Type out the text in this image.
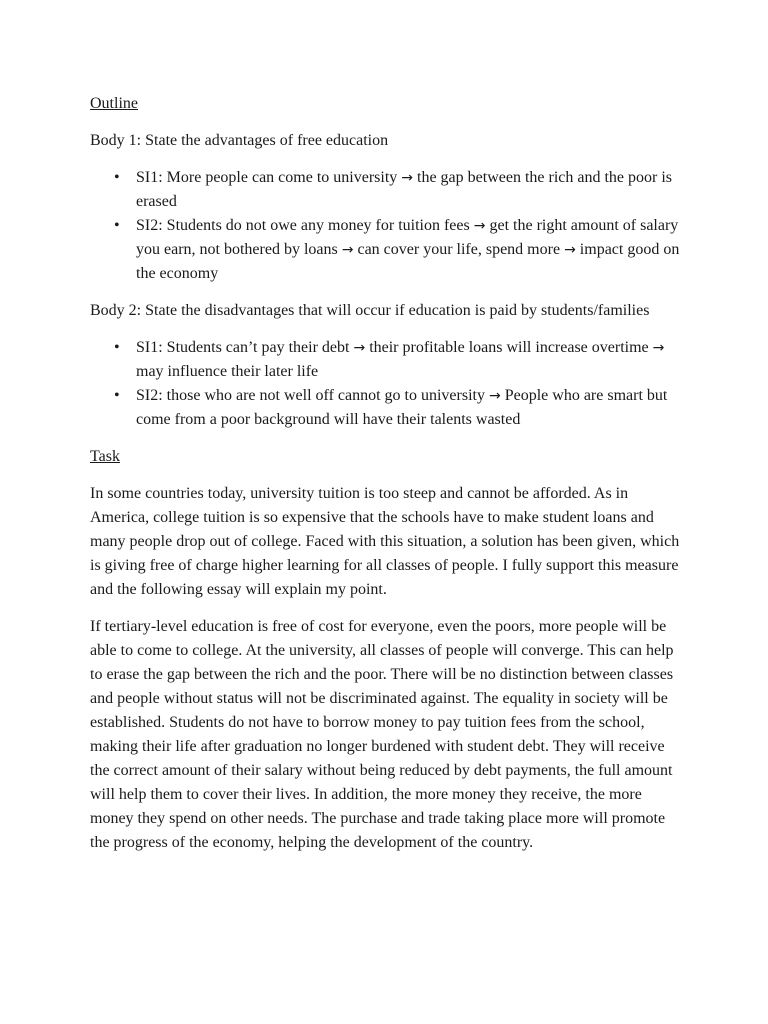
Outline
Body 1: State the advantages of free education
• SI1: More people can come to university → the gap between the rich and the poor is erased
• SI2: Students do not owe any money for tuition fees → get the right amount of salary you earn, not bothered by loans → can cover your life, spend more → impact good on the economy
Body 2: State the disadvantages that will occur if education is paid by students/families
• SI1: Students can’t pay their debt → their profitable loans will increase overtime → may influence their later life
• SI2: those who are not well off cannot go to university → People who are smart but come from a poor background will have their talents wasted
Task

In some countries today, university tuition is too steep and cannot be afforded. As in America, college tuition is so expensive that the schools have to make student loans and many people drop out of college. Faced with this situation, a solution has been given, which is giving free of charge higher learning for all classes of people. I fully support this measure and the following essay will explain my point.

If tertiary-level education is free of cost for everyone, even the poors, more people will be able to come to college. At the university, all classes of people will converge. This can help to erase the gap between the rich and the poor. There will be no distinction between classes and people without status will not be discriminated against. The equality in society will be established. Students do not have to borrow money to pay tuition fees from the school, making their life after graduation no longer burdened with student debt. They will receive the correct amount of their salary without being reduced by debt payments, the full amount will help them to cover their lives. In addition, the more money they receive, the more money they spend on other needs. The purchase and trade taking place more will promote the progress of the economy, helping the development of the country.
